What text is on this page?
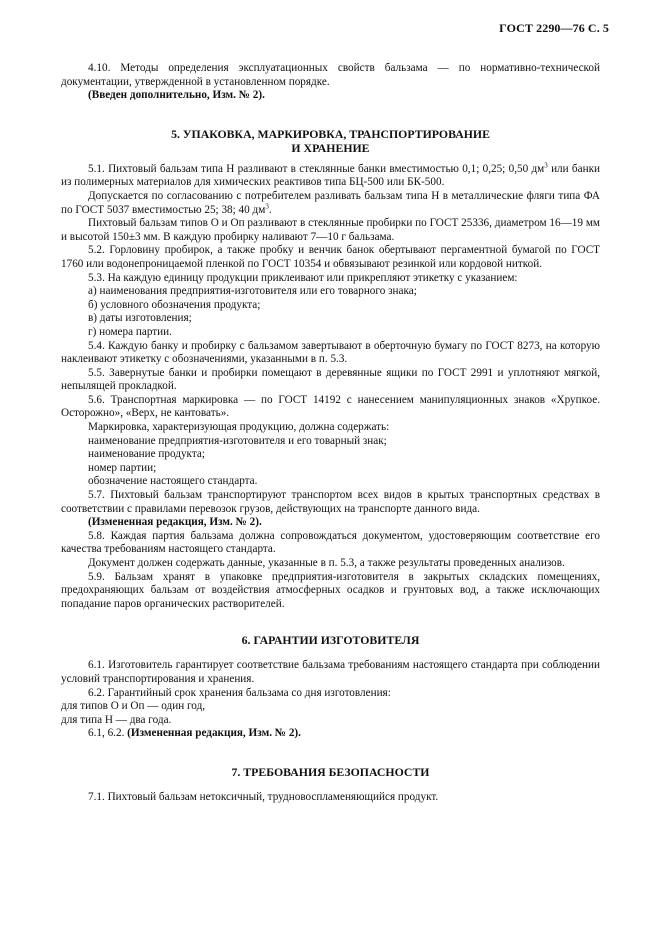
ГОСТ 2290—76 С. 5

4.10. Методы определения эксплуатационных свойств бальзама — по нормативно-технической документации, утвержденной в установленном порядке.

(Введен дополнительно, Изм. № 2).

5. УПАКОВКА, МАРКИРОВКА, ТРАНСПОРТИРОВАНИЕ

И ХРАНЕНИЕ

5.1. Пихтовый бальзам типа Н разливают в стеклянные банки вместимостью 0,1; 0,25; 0,50 $дм^3$ или банки из полимерных материалов для химических реактивов типа БЦ-500 или БК-500.

Допускается по согласованию с потребителем разливать бальзам типа Н в металлические фляги типа ФА по ГОСТ 5037 вместимостью 25; 38; 40 $дм^3$.

Пихтовый бальзам типов О и Оп разливают в стеклянные пробирки по ГОСТ 25336, диаметром 16—19 мм и высотой 150±3 мм. В каждую пробирку наливают 7—10 г бальзама.

5.2. Горловину пробирок, а также пробку и венчик банок обертывают пергаментной бумагой по ГОСТ 1760 или водонепроницаемой пленкой по ГОСТ 10354 и обвязывают резинкой или кордовой ниткой.

5.3. На каждую единицу продукции приклеивают или прикрепляют этикетку с указанием:

а) наименования предприятия-изготовителя или его товарного знака;

б) условного обозначения продукта;

в) даты изготовления;

г) номера партии.

5.4. Каждую банку и пробирку с бальзамом завертывают в оберточную бумагу по ГОСТ 8273, на которую наклеивают этикетку с обозначениями, указанными в п. 5.3.

5.5. Завернутые банки и пробирки помещают в деревянные ящики по ГОСТ 2991 и уплотняют мягкой, непылящей прокладкой.

5.6. Транспортная маркировка — по ГОСТ 14192 с нанесением манипуляционных знаков «Хрупкое. Осторожно», «Верх, не кантовать».

Маркировка, характеризующая продукцию, должна содержать:

наименование предприятия-изготовителя и его товарный знак;

наименование продукта;

номер партии;

обозначение настоящего стандарта.

5.7. Пихтовый бальзам транспортируют транспортом всех видов в крытых транспортных средствах в соответствии с правилами перевозок грузов, действующих на транспорте данного вида.

(Измененная редакция, Изм. № 2).

5.8. Каждая партия бальзама должна сопровождаться документом, удостоверяющим соответствие его качества требованиям настоящего стандарта.

Документ должен содержать данные, указанные в п. 5.3, а также результаты проведенных анализов.

5.9. Бальзам хранят в упаковке предприятия-изготовителя в закрытых складских помещениях, предохраняющих бальзам от воздействия атмосферных осадков и грунтовых вод, а также исключающих попадание паров органических растворителей.

6. ГАРАНТИИ ИЗГОТОВИТЕЛЯ

6.1. Изготовитель гарантирует соответствие бальзама требованиям настоящего стандарта при соблюдении условий транспортирования и хранения.

6.2. Гарантийный срок хранения бальзама со дня изготовления:

для типов О и Оп — один год,

для типа Н — два года.

6.1, 6.2. (Измененная редакция, Изм. № 2).

7. ТРЕБОВАНИЯ БЕЗОПАСНОСТИ

7.1. Пихтовый бальзам нетоксичный, трудновоспламеняющийся продукт.
